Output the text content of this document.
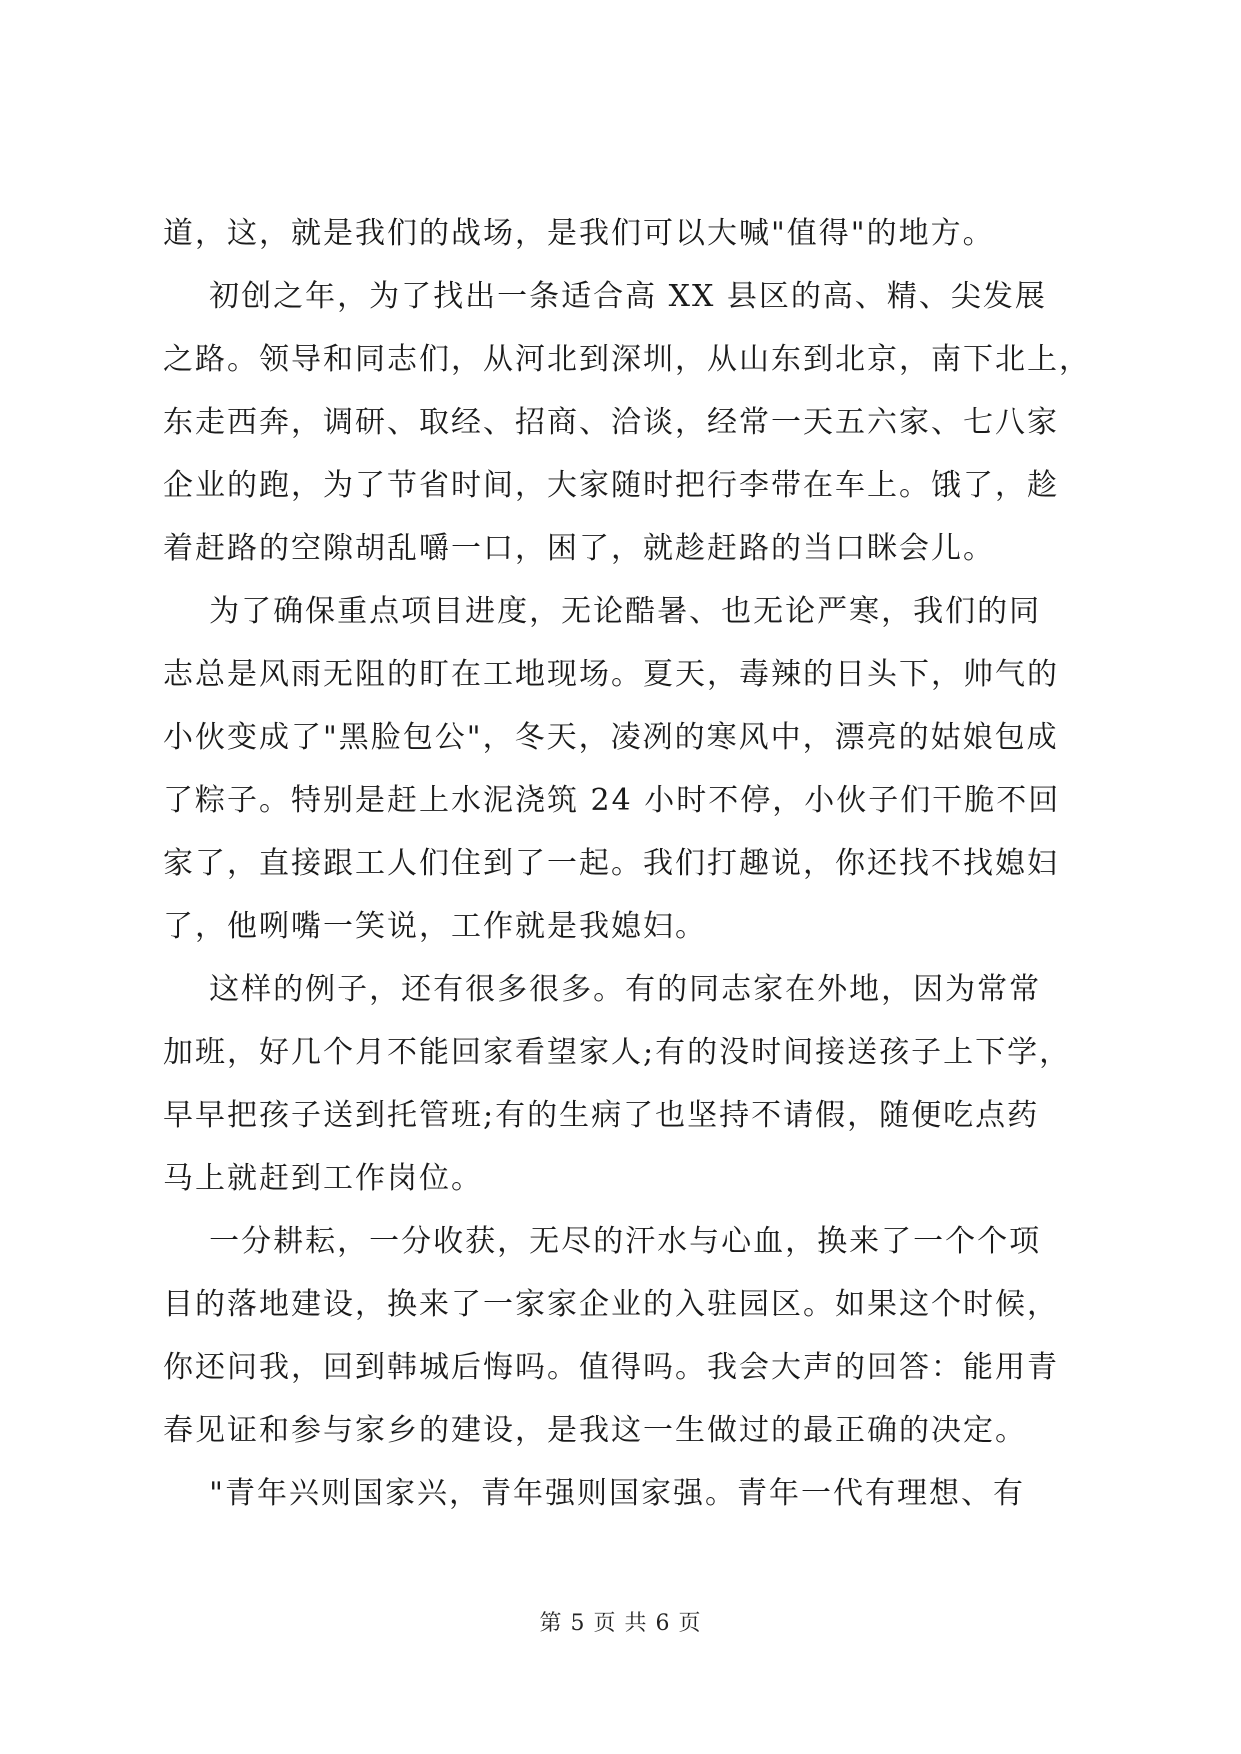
道，这，就是我们的战场，是我们可以大喊"值得"的地方。

初创之年，为了找出一条适合高 XX 县区的高、精、尖发展

之路。领导和同志们，从河北到深圳，从山东到北京，南下北上，

东走西奔，调研、取经、招商、洽谈，经常一天五六家、七八家

企业的跑，为了节省时间，大家随时把行李带在车上。饿了，趁

着赶路的空隙胡乱嚼一口，困了，就趁赶路的当口眯会儿。

为了确保重点项目进度，无论酷暑、也无论严寒，我们的同

志总是风雨无阻的盯在工地现场。夏天，毒辣的日头下，帅气的

小伙变成了"黑脸包公"，冬天，凌冽的寒风中，漂亮的姑娘包成

了粽子。特别是赶上水泥浇筑 24 小时不停，小伙子们干脆不回

家了，直接跟工人们住到了一起。我们打趣说，你还找不找媳妇

了，他咧嘴一笑说，工作就是我媳妇。

这样的例子，还有很多很多。有的同志家在外地，因为常常

加班，好几个月不能回家看望家人;有的没时间接送孩子上下学，

早早把孩子送到托管班;有的生病了也坚持不请假，随便吃点药

马上就赶到工作岗位。

一分耕耘，一分收获，无尽的汗水与心血，换来了一个个项

目的落地建设，换来了一家家企业的入驻园区。如果这个时候，

你还问我，回到韩城后悔吗。值得吗。我会大声的回答：能用青

春见证和参与家乡的建设，是我这一生做过的最正确的决定。

"青年兴则国家兴，青年强则国家强。青年一代有理想、有

第 5 页 共 6 页
